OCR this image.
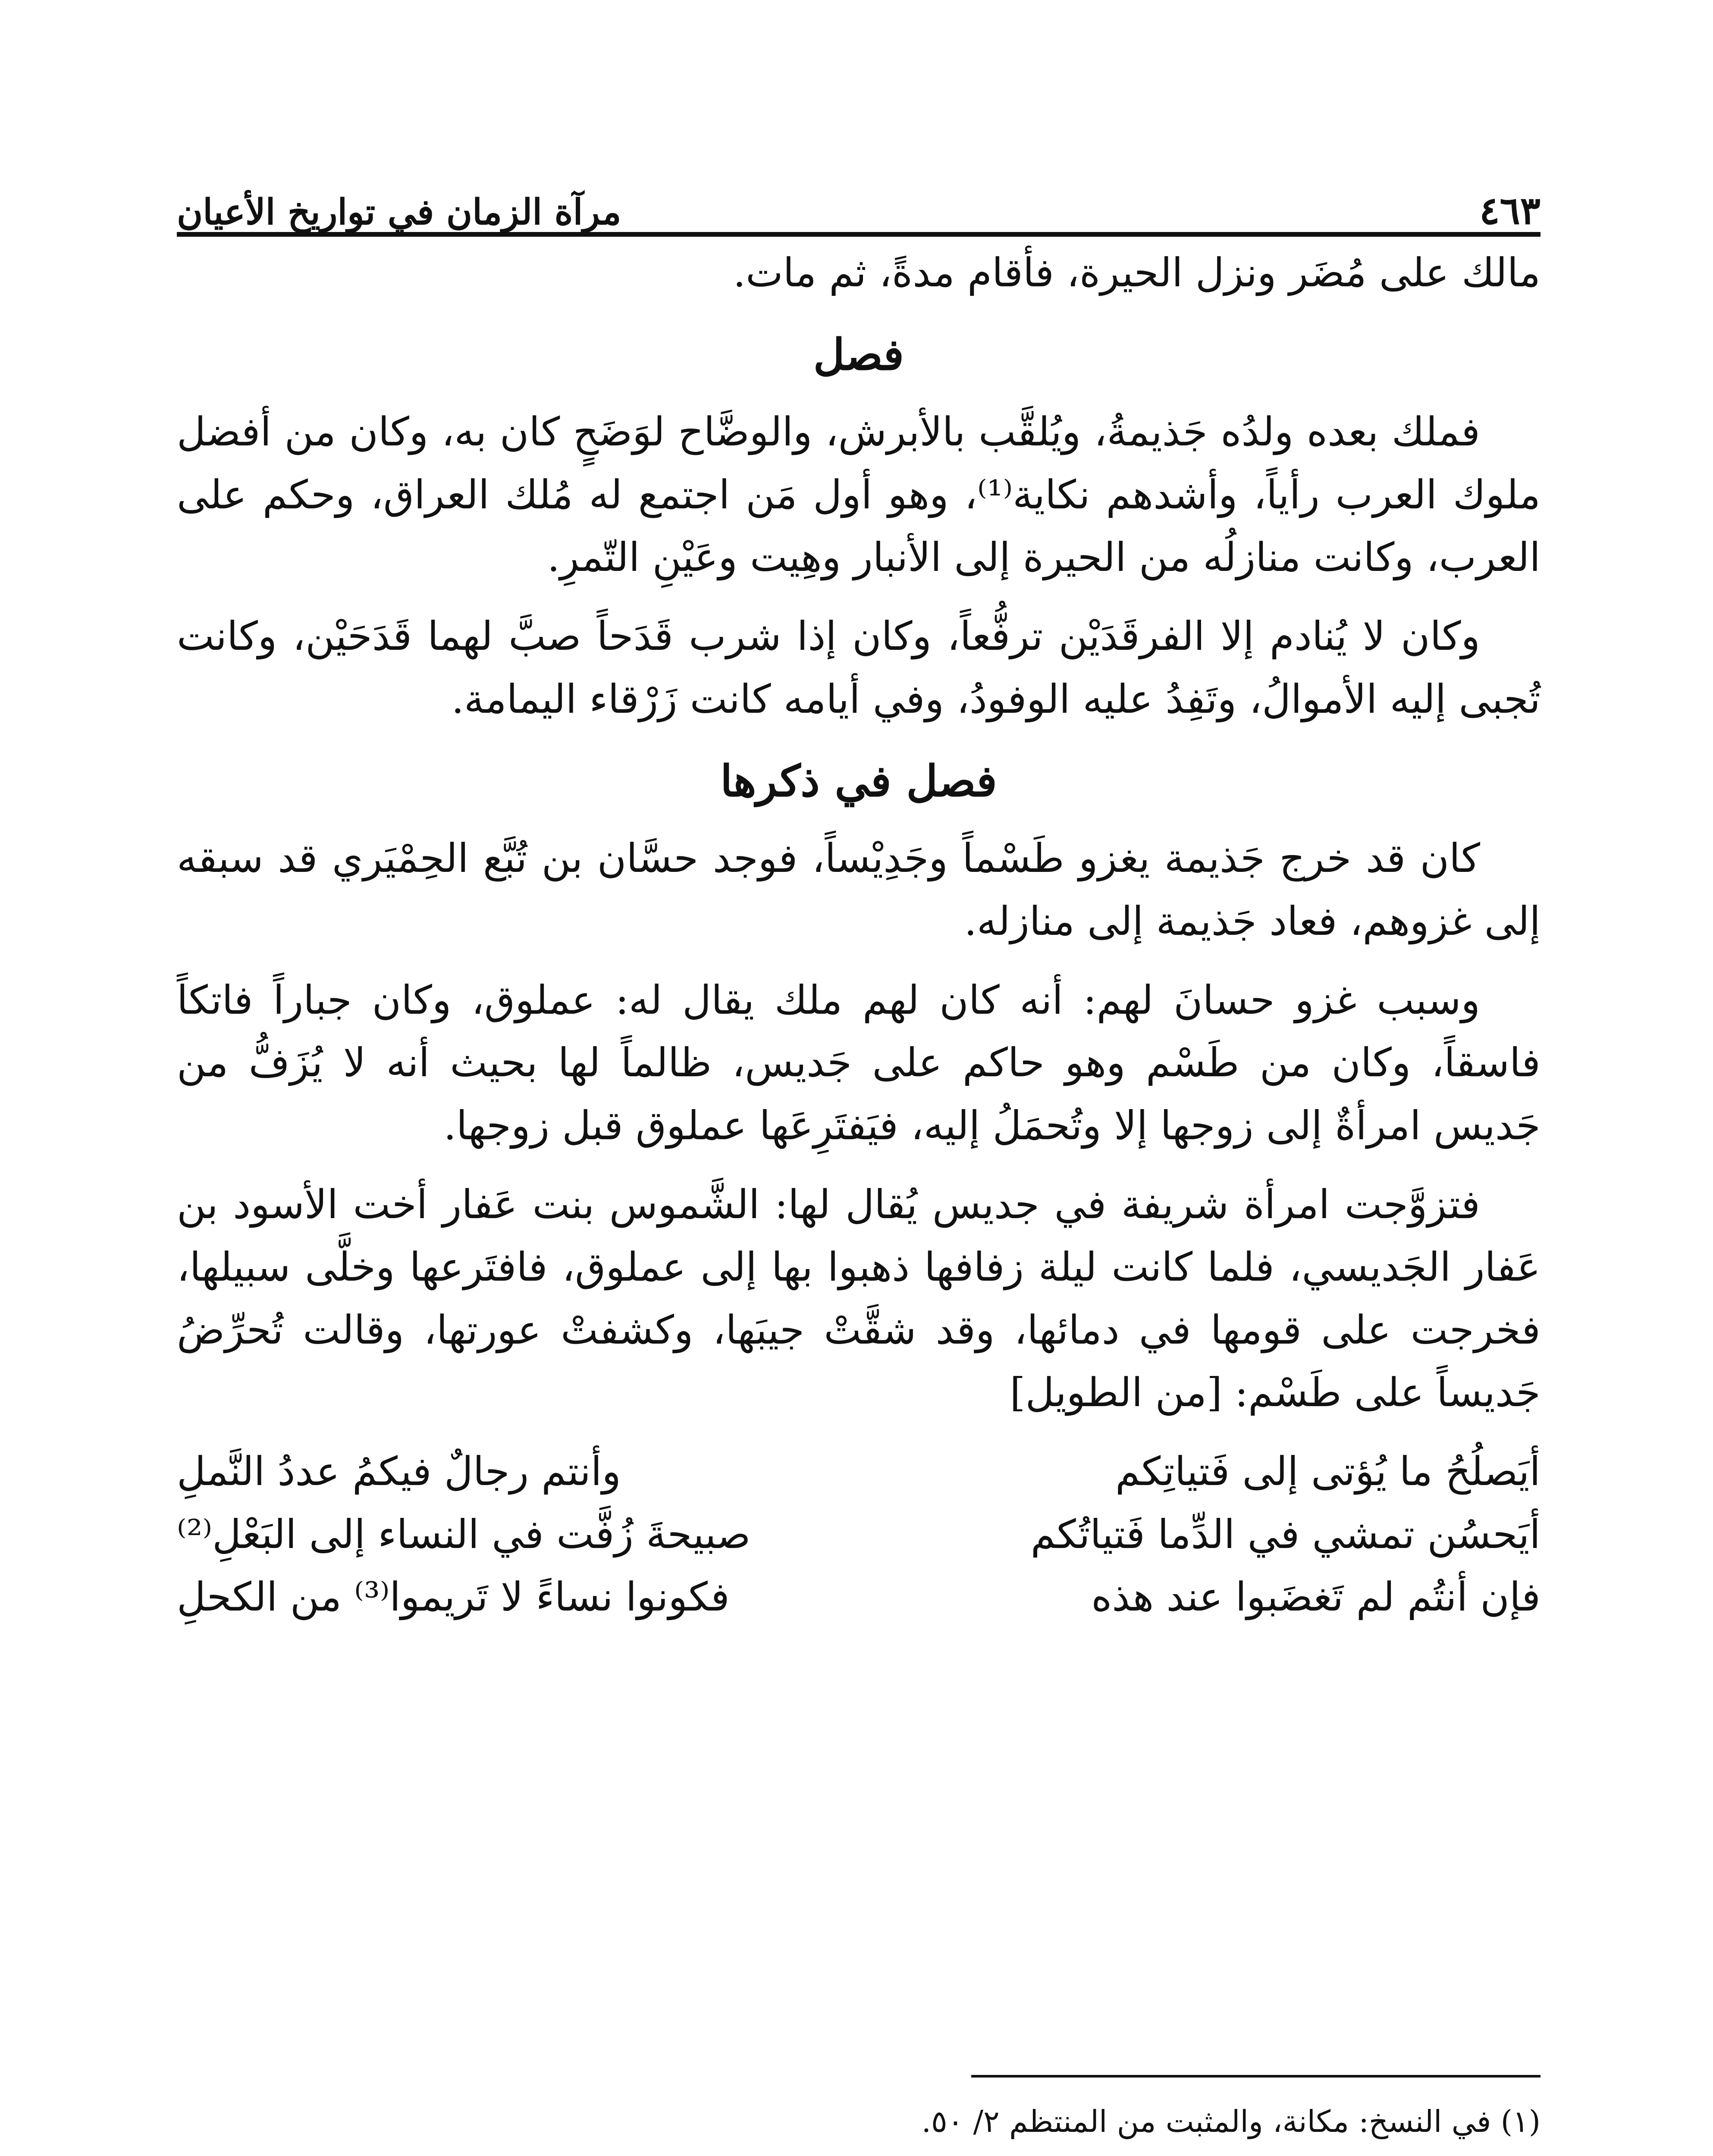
٤٦٣
مرآة الزمان في تواريخ الأعيان

مالك على مُضَر ونزل الحيرة، فأقام مدةً، ثم مات.

فصل

فملك بعده ولدُه جَذيمةُ، ويُلقَّب بالأبرش، والوضَّاح لوَضَحٍ كان به، وكان من أفضل ملوك العرب رأياً، وأشدهم نكاية⁽¹⁾، وهو أول مَن اجتمع له مُلك العراق، وحكم على العرب، وكانت منازلُه من الحيرة إلى الأنبار وهِيت وعَيْنِ التّمرِ.

وكان لا يُنادم إلا الفرقَدَيْن ترفُّعاً، وكان إذا شرب قَدَحاً صبَّ لهما قَدَحَيْن، وكانت تُجبى إليه الأموالُ، وتَفِدُ عليه الوفودُ، وفي أيامه كانت زَرْقاء اليمامة.

فصل في ذكرها

كان قد خرج جَذيمة يغزو طَسْماً وجَدِيْساً، فوجد حسَّان بن تُبَّع الحِمْيَري قد سبقه إلى غزوهم، فعاد جَذيمة إلى منازله.

وسبب غزو حسانَ لهم: أنه كان لهم ملك يقال له: عملوق، وكان جباراً فاتكاً فاسقاً، وكان من طَسْم وهو حاكم على جَديس، ظالماً لها بحيث أنه لا يُزَفُّ من جَديس امرأةٌ إلى زوجها إلا وتُحمَلُ إليه، فيَفتَرِعَها عملوق قبل زوجها.

فتزوَّجت امرأة شريفة في جديس يُقال لها: الشَّموس بنت عَفار أخت الأسود بن عَفار الجَديسي، فلما كانت ليلة زفافها ذهبوا بها إلى عملوق، فافتَرعها وخلَّى سبيلها، فخرجت على قومها في دمائها، وقد شقَّتْ جيبَها، وكشفتْ عورتها، وقالت تُحرِّضُ جَديساً على طَسْم: [من الطويل]

أيَصلُحُ ما يُؤتى إلى فَتياتِكم
وأنتم رجالٌ فيكمُ عددُ النَّملِ
أيَحسُن تمشي في الدِّما فَتياتُكم
صبيحةَ زُفَّت في النساء إلى البَعْلِ⁽²⁾
فإن أنتُم لم تَغضَبوا عند هذه
فكونوا نساءً لا تَريموا⁽³⁾ من الكحلِ

(١) في النسخ: مكانة، والمثبت من المنتظم ٢/ ٥٠.
